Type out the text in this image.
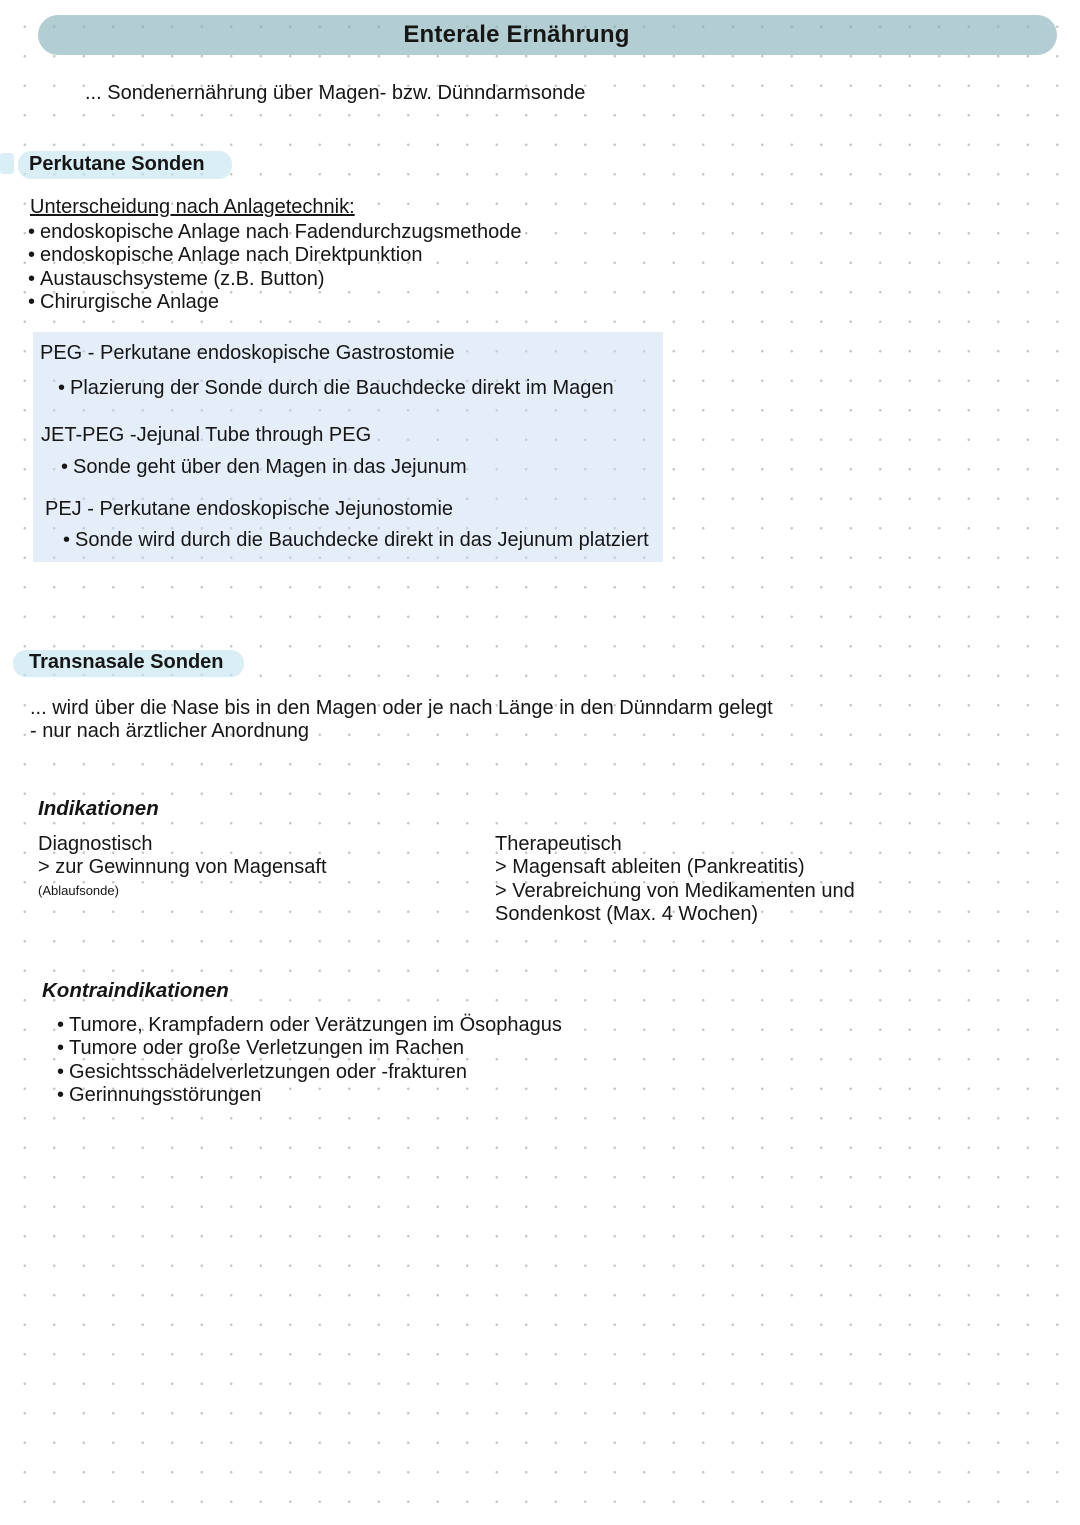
Enterale Ernährung
... Sondenernährung über Magen- bzw. Dünndarmsonde
Perkutane Sonden
Unterscheidung nach Anlagetechnik:
• endoskopische Anlage nach Fadendurchzugsmethode
• endoskopische Anlage nach Direktpunktion
• Austauschsysteme (z.B. Button)
• Chirurgische Anlage
PEG - Perkutane endoskopische Gastrostomie
• Plazierung der Sonde durch die Bauchdecke direkt im Magen
JET-PEG -Jejunal Tube through PEG
• Sonde geht über den Magen in das Jejunum
PEJ - Perkutane endoskopische Jejunostomie
• Sonde wird durch die Bauchdecke direkt in das Jejunum platziert
Transnasale Sonden
... wird über die Nase bis in den Magen oder je nach Länge in den Dünndarm gelegt
- nur nach ärztlicher Anordnung
Indikationen
Diagnostisch
> zur Gewinnung von Magensaft
(Ablaufsonde)
Therapeutisch
> Magensaft ableiten (Pankreatitis)
> Verabreichung von Medikamenten und
Sondenkost (Max. 4 Wochen)
Kontraindikationen
• Tumore, Krampfadern oder Verätzungen im Ösophagus
• Tumore oder große Verletzungen im Rachen
• Gesichtsschädelverletzungen oder -frakturen
• Gerinnungsstörungen
